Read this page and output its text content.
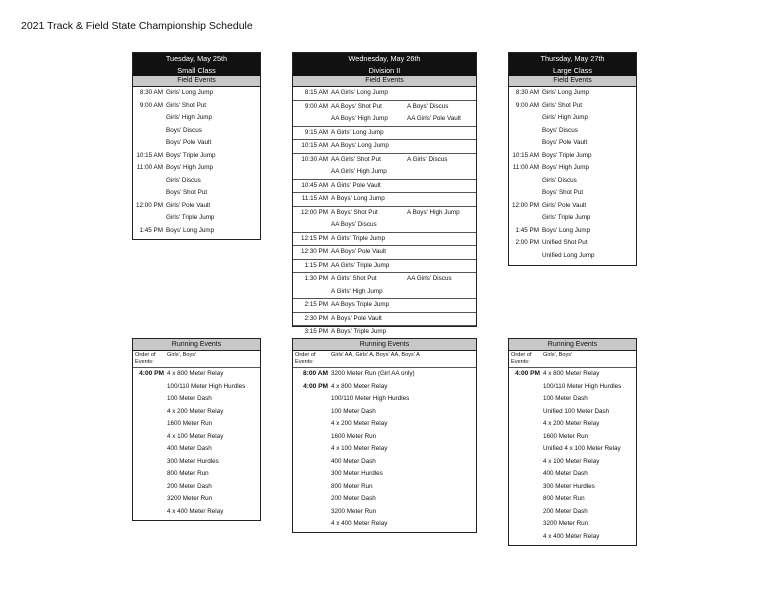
2021 Track & Field State Championship Schedule
Tuesday, May 25th
Small Class
Field Events
8:30 AM Girls' Long Jump
9:00 AM Girls' Shot Put
Girls' High Jump
Boys' Discus
Boys' Pole Vault
10:15 AM Boys' Triple Jump
11:00 AM Boys' High Jump
Girls' Discus
Boys' Shot Put
12:00 PM Girls' Pole Vault
Girls' Triple Jump
1:45 PM Boys' Long Jump
Wednesday, May 26th
Division II
Field Events
8:15 AM AA Girls' Long Jump
9:00 AM AA Boys' Shot Put	A Boys' Discus
AA Boys' High Jump	AA Girls' Pole Vault
9:15 AM A Girls' Long Jump
10:15 AM AA Boys' Long Jump
10:30 AM AA Girls' Shot Put	A Girls' Discus
AA Girls' High Jump
10:45 AM A Girls' Pole Vault
11:15 AM A Boys' Long Jump
12:00 PM A Boys' Shot Put	A Boys' High Jump
AA Boys' Discus
12:15 PM A Girls' Triple Jump
12:30 PM AA Boys' Pole Vault
1:15 PM AA Girls' Triple Jump
1:30 PM A Girls' Shot Put	AA Girls' Discus
A Girls' High Jump
2:15 PM AA Boys Triple Jump
2:30 PM A Boys' Pole Vault
3:15 PM A Boys' Triple Jump
Thursday, May 27th
Large Class
Field Events
8:30 AM Girls' Long Jump
9:00 AM Girls' Shot Put
Girls' High Jump
Boys' Discus
Boys' Pole Vault
10:15 AM Boys' Triple Jump
11:00 AM Boys' High Jump
Girls' Discus
Boys' Shot Put
12:00 PM Girls' Pole Vault
Girls' Triple Jump
1:45 PM Boys' Long Jump
2:00 PM Unified Shot Put
Unified Long Jump
Running Events
Order of Events:
Girls', Boys'
4:00 PM 4 x 800 Meter Relay
100/110 Meter High Hurdles
100 Meter Dash
4 x 200 Meter Relay
1600 Meter Run
4 x 100 Meter Relay
400 Meter Dash
300 Meter Hurdles
800 Meter Run
200 Meter Dash
3200 Meter Run
4 x 400 Meter Relay
Running Events
Order of Events:
Girls' AA, Girls' A, Boys' AA, Boys' A
8:00 AM 3200 Meter Run (Girl AA only)
4:00 PM 4 x 800 Meter Relay
100/110 Meter High Hurdles
100 Meter Dash
4 x 200 Meter Relay
1600 Meter Run
4 x 100 Meter Relay
400 Meter Dash
300 Meter Hurdles
800 Meter Run
200 Meter Dash
3200 Meter Run
4 x 400 Meter Relay
Running Events
Order of Events:
Girls', Boys'
4:00 PM 4 x 800 Meter Relay
100/110 Meter High Hurdles
100 Meter Dash
Unified 100 Meter Dash
4 x 200 Meter Relay
1600 Meter Run
Unified 4 x 100 Meter Relay
4 x 100 Meter Relay
400 Meter Dash
300 Meter Hurdles
800 Meter Run
200 Meter Dash
3200 Meter Run
4 x 400 Meter Relay
